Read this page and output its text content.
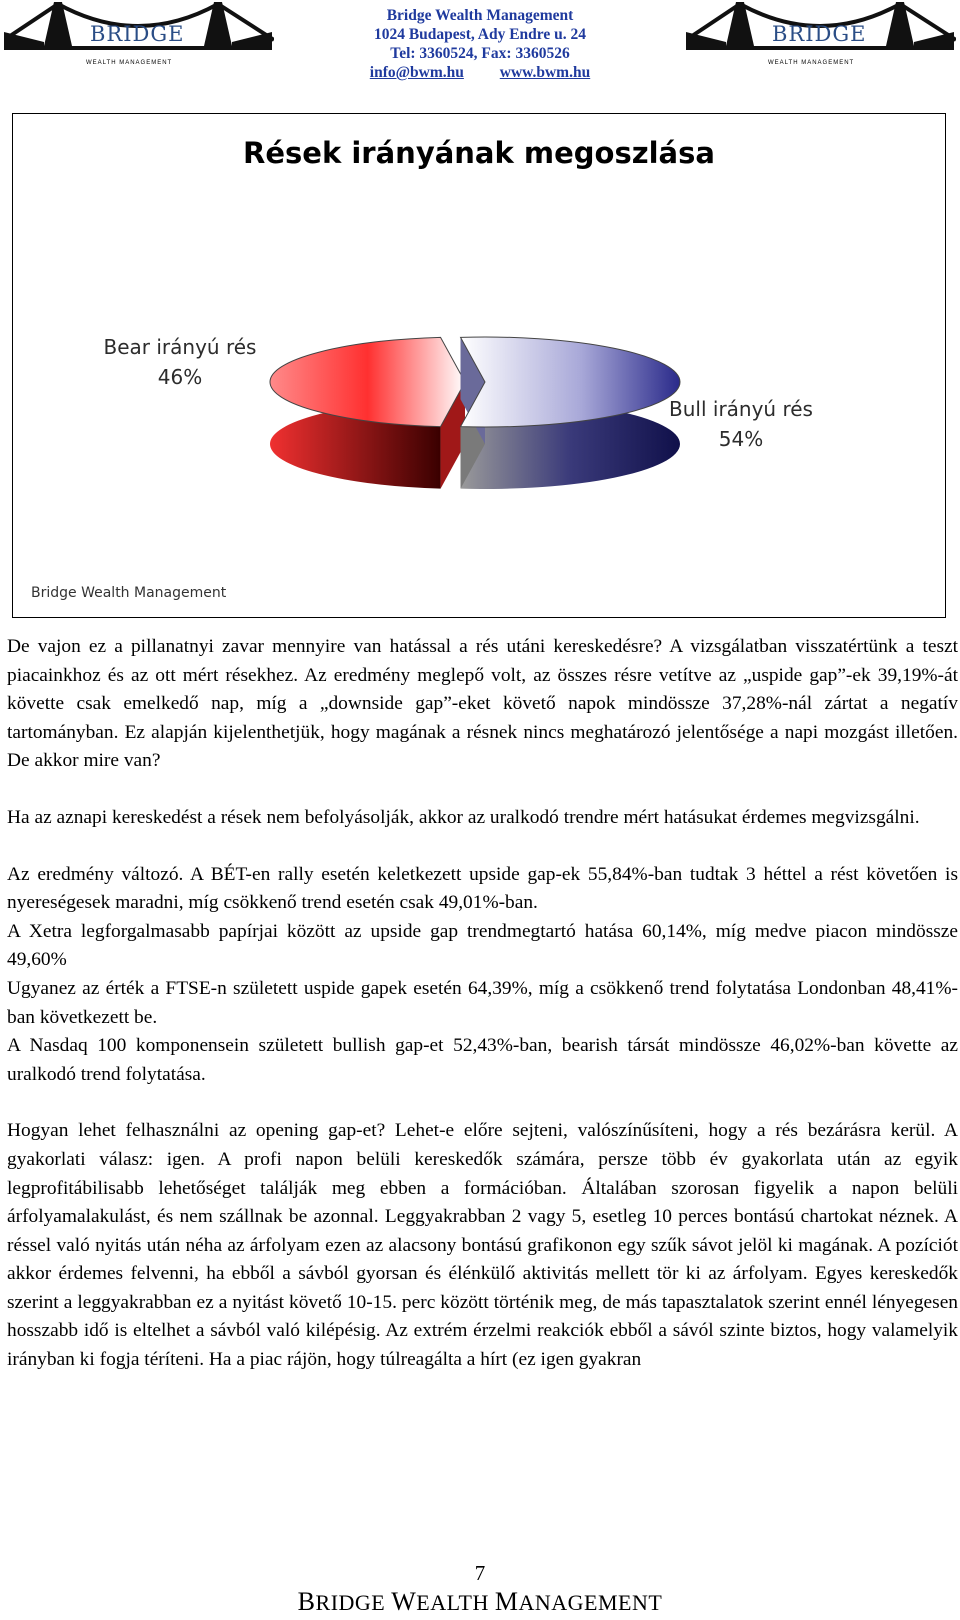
BRIDGE
WEALTH MANAGEMENT
Bridge Wealth Management
1024 Budapest, Ady Endre u. 24
Tel: 3360524, Fax: 3360526
info@bwm.hu www.bwm.hu
BRIDGE
WEALTH MANAGEMENT
Rések irányának megoszlása
Bear irányú rés
46%
Bull irányú rés
54%
Bridge Wealth Management

De vajon ez a pillanatnyi zavar mennyire van hatással a rés utáni kereskedésre? A vizsgálatban visszatértünk a teszt piacainkhoz és az ott mért résekhez. Az eredmény meglepő volt, az összes résre vetítve az „uspide gap”-ek 39,19%-át követte csak emelkedő nap, míg a „downside gap”-eket követő napok mindössze 37,28%-nál zártat a negatív tartományban. Ez alapján kijelenthetjük, hogy magának a résnek nincs meghatározó jelentősége a napi mozgást illetően. De akkor mire van?

Ha az aznapi kereskedést a rések nem befolyásolják, akkor az uralkodó trendre mért hatásukat érdemes megvizsgálni.

Az eredmény változó. A BÉT-en rally esetén keletkezett upside gap-ek 55,84%-ban tudtak 3 héttel a rést követően is nyereségesek maradni, míg csökkenő trend esetén csak 49,01%-ban.

A Xetra legforgalmasabb papírjai között az upside gap trendmegtartó hatása 60,14%, míg medve piacon mindössze 49,60%

Ugyanez az érték a FTSE-n született uspide gapek esetén 64,39%, míg a csökkenő trend folytatása Londonban 48,41%-ban következett be.

A Nasdaq 100 komponensein született bullish gap-et 52,43%-ban, bearish társát mindössze 46,02%-ban követte az uralkodó trend folytatása.

Hogyan lehet felhasználni az opening gap-et? Lehet-e előre sejteni, valószínűsíteni, hogy a rés bezárásra kerül. A gyakorlati válasz: igen. A profi napon belüli kereskedők számára, persze több év gyakorlata után az egyik legprofitábilisabb lehetőséget találják meg ebben a formációban. Általában szorosan figyelik a napon belüli árfolyamalakulást, és nem szállnak be azonnal. Leggyakrabban 2 vagy 5, esetleg 10 perces bontású chartokat néznek. A réssel való nyitás után néha az árfolyam ezen az alacsony bontású grafikonon egy szűk sávot jelöl ki magának. A pozíciót akkor érdemes felvenni, ha ebből a sávból gyorsan és élénkülő aktivitás mellett tör ki az árfolyam. Egyes kereskedők szerint a leggyakrabban ez a nyitást követő 10-15. perc között történik meg, de más tapasztalatok szerint ennél lényegesen hosszabb idő is eltelhet a sávból való kilépésig. Az extrém érzelmi reakciók ebből a sávól szinte biztos, hogy valamelyik irányban ki fogja téríteni. Ha a piac rájön, hogy túlreagálta a hírt (ez igen gyakran

7
BRIDGE WEALTH MANAGEMENT
